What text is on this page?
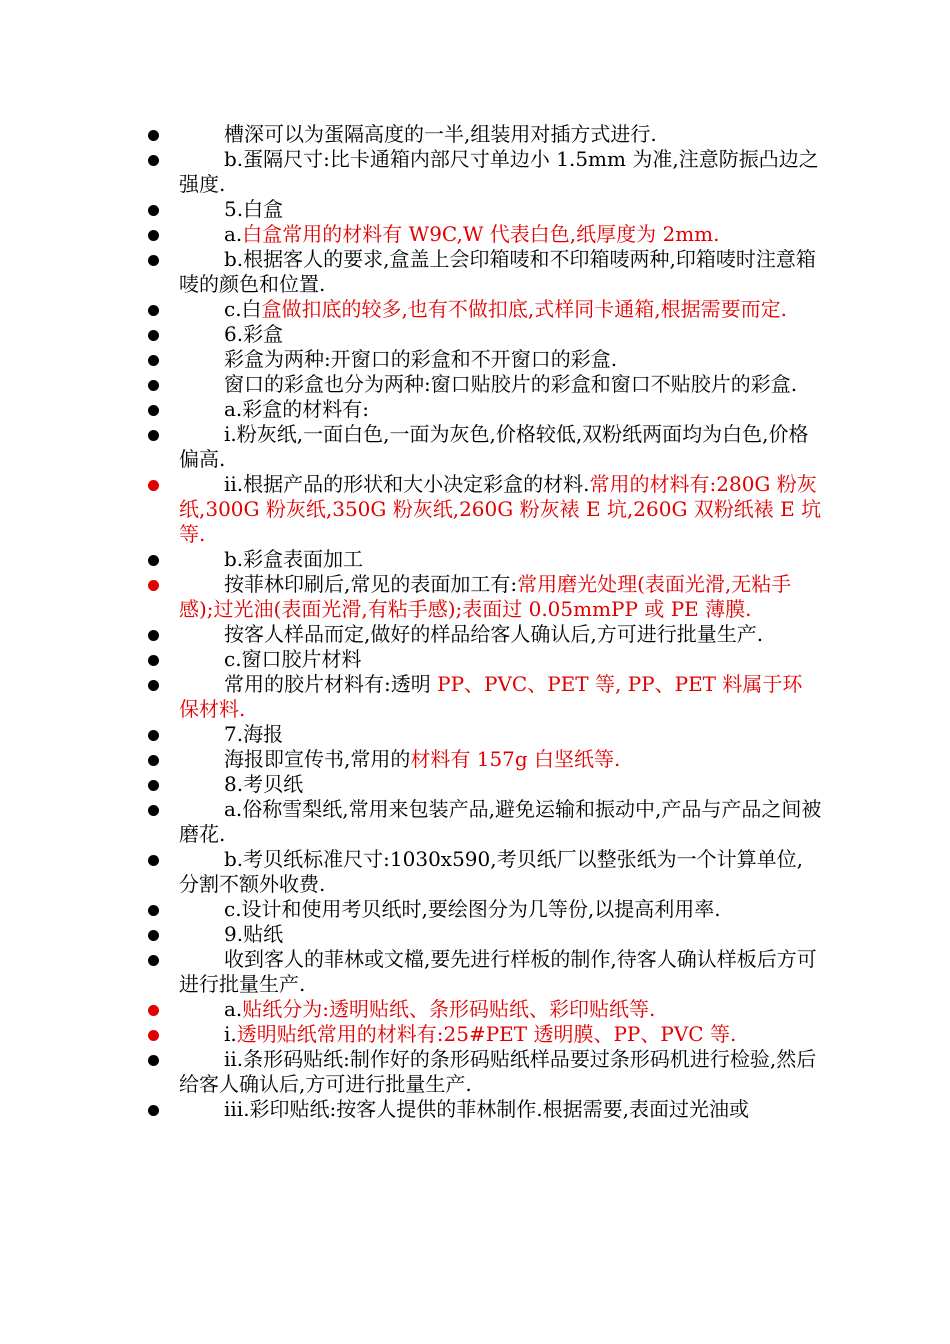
槽深可以为蛋隔高度的一半,组装用对插方式进行.
b.蛋隔尺寸:比卡通箱内部尺寸单边小 1.5mm 为准,注意防振凸边之强度.
5.白盒
a.白盒常用的材料有 W9C,W 代表白色,纸厚度为 2mm.
b.根据客人的要求,盒盖上会印箱唛和不印箱唛两种,印箱唛时注意箱唛的颜色和位置.
c.白盒做扣底的较多,也有不做扣底,式样同卡通箱,根据需要而定.
6.彩盒
彩盒为两种:开窗口的彩盒和不开窗口的彩盒.
窗口的彩盒也分为两种:窗口贴胶片的彩盒和窗口不贴胶片的彩盒.
a.彩盒的材料有:
i.粉灰纸,一面白色,一面为灰色,价格较低,双粉纸两面均为白色,价格偏高.
ii.根据产品的形状和大小决定彩盒的材料.常用的材料有:280G 粉灰纸,300G 粉灰纸,350G 粉灰纸,260G 粉灰裱 E 坑,260G 双粉纸裱 E 坑等.
b.彩盒表面加工
按菲林印刷后,常见的表面加工有:常用磨光处理(表面光滑,无粘手感);过光油(表面光滑,有粘手感);表面过 0.05mmPP 或 PE 薄膜.
按客人样品而定,做好的样品给客人确认后,方可进行批量生产.
c.窗口胶片材料
常用的胶片材料有:透明 PP、PVC、PET 等, PP、PET 料属于环保材料.
7.海报
海报即宣传书,常用的材料有 157g 白坚纸等.
8.考贝纸
a.俗称雪梨纸,常用来包装产品,避免运输和振动中,产品与产品之间被磨花.
b.考贝纸标准尺寸:1030x590,考贝纸厂以整张纸为一个计算单位,分割不额外收费.
c.设计和使用考贝纸时,要绘图分为几等份,以提高利用率.
9.贴纸
收到客人的菲林或文檔,要先进行样板的制作,待客人确认样板后方可进行批量生产.
a.贴纸分为:透明贴纸、条形码贴纸、彩印贴纸等.
i.透明贴纸常用的材料有:25#PET 透明膜、PP、PVC 等.
ii.条形码贴纸:制作好的条形码贴纸样品要过条形码机进行检验,然后给客人确认后,方可进行批量生产.
iii.彩印贴纸:按客人提供的菲林制作.根据需要,表面过光油或
